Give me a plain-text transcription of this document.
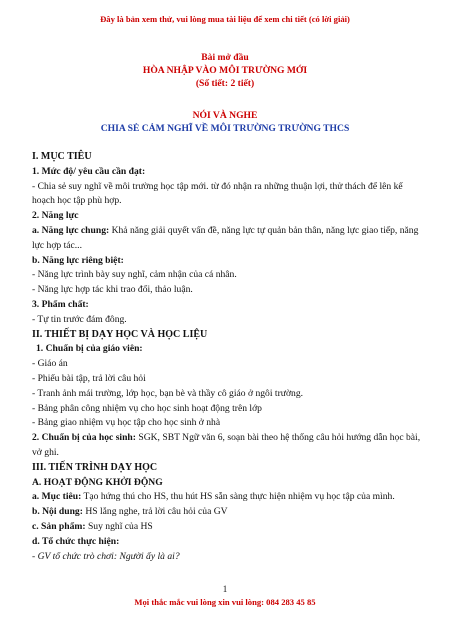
Đây là bản xem thử, vui lòng mua tài liệu để xem chi tiết (có lời giải)
Bài mở đầu
HÒA NHẬP VÀO MÔI TRƯỜNG MỚI
(Số tiết: 2 tiết)
NÓI VÀ NGHE
CHIA SẺ CẢM NGHĨ VỀ MÔI TRƯỜNG TRƯỜNG THCS

I. MỤC TIÊU

1. Mức độ/ yêu cầu cần đạt:

- Chia sẻ suy nghĩ về môi trường học tập mới. từ đó nhận ra những thuận lợi, thử thách để lên kế hoạch học tập phù hợp.

2. Năng lực

a. Năng lực chung: Khả năng giải quyết vấn đề, năng lực tự quản bản thân, năng lực giao tiếp, năng lực hợp tác...

b. Năng lực riêng biệt:

- Năng lực trình bày suy nghĩ, cảm nhận của cá nhân.

- Năng lực hợp tác khi trao đổi, thảo luận.

3. Phẩm chất:

- Tự tin trước đám đông.

II. THIẾT BỊ DẠY HỌC VÀ HỌC LIỆU

1. Chuẩn bị của giáo viên:

- Giáo án

- Phiếu bài tập, trả lời câu hỏi

- Tranh ảnh mái trường, lớp học, bạn bè và thầy cô giáo ở ngôi trường.

- Bảng phân công nhiệm vụ cho học sinh hoạt động trên lớp

- Bảng giao nhiệm vụ học tập cho học sinh ở nhà

2. Chuẩn bị của học sinh: SGK, SBT Ngữ văn 6, soạn bài theo hệ thống câu hỏi hướng dẫn học bài, vở ghi.

III. TIẾN TRÌNH DẠY HỌC

A. HOẠT ĐỘNG KHỞI ĐỘNG

a. Mục tiêu: Tạo hứng thú cho HS, thu hút HS sẵn sàng thực hiện nhiệm vụ học tập của mình.

b. Nội dung: HS lắng nghe, trả lời câu hỏi của GV

c. Sản phẩm: Suy nghĩ của HS

d. Tổ chức thực hiện:

- GV tổ chức trò chơi: Người ấy là ai?

1
Mọi thắc mắc vui lòng xin vui lòng: 084 283 45 85
